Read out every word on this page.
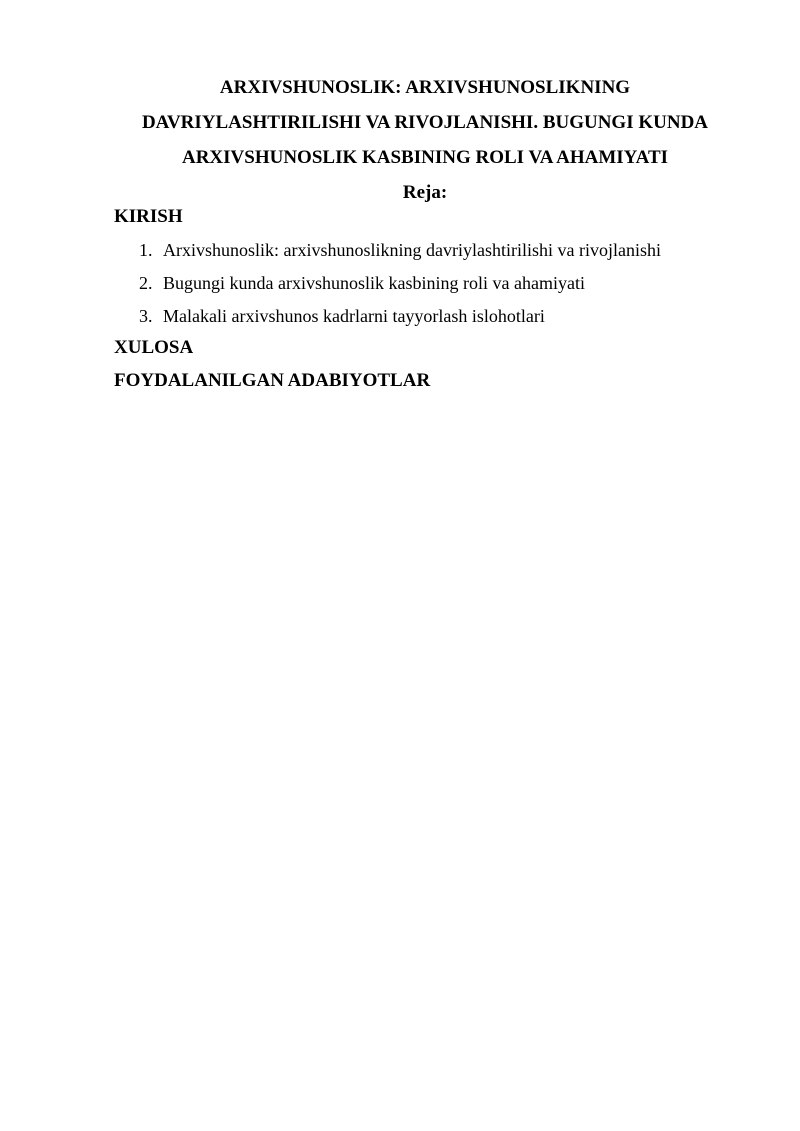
ARXIVSHUNOSLIK: ARXIVSHUNOSLIKNING
DAVRIYLASHTIRILISHI VA RIVOJLANISHI. BUGUNGI KUNDA
ARXIVSHUNOSLIK KASBINING ROLI VA AHAMIYATI
Reja:
KIRISH
1. Arxivshunoslik: arxivshunoslikning davriylashtirilishi va rivojlanishi
2. Bugungi kunda arxivshunoslik kasbining roli va ahamiyati
3. Malakali arxivshunos kadrlarni tayyorlash islohotlari
XULOSA
FOYDALANILGAN ADABIYOTLAR
